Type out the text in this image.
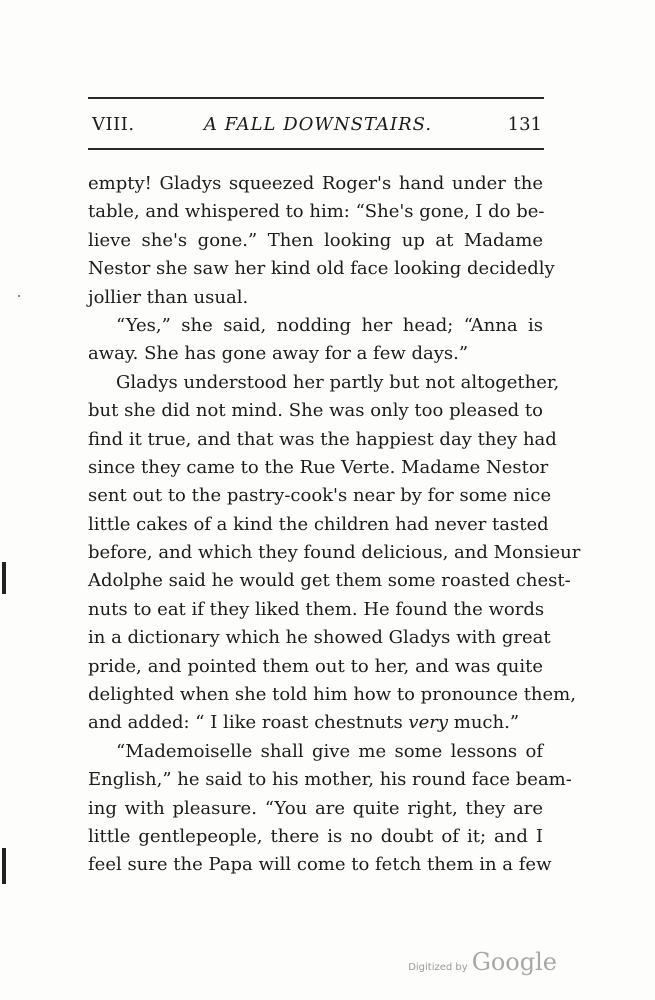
VIII.	A FALL DOWNSTAIRS.	131
empty! Gladys squeezed Roger's hand under the
table, and whispered to him: “She's gone, I do be-
lieve she's gone.” Then looking up at Madame
Nestor she saw her kind old face looking decidedly
jollier than usual.
“Yes,” she said, nodding her head; “Anna is
away. She has gone away for a few days.”
Gladys understood her partly but not altogether,
but she did not mind. She was only too pleased to
find it true, and that was the happiest day they had
since they came to the Rue Verte. Madame Nestor
sent out to the pastry-cook's near by for some nice
little cakes of a kind the children had never tasted
before, and which they found delicious, and Monsieur
Adolphe said he would get them some roasted chest-
nuts to eat if they liked them. He found the words
in a dictionary which he showed Gladys with great
pride, and pointed them out to her, and was quite
delighted when she told him how to pronounce them,
and added: “ I like roast chestnuts very much.”
“Mademoiselle shall give me some lessons of
English,” he said to his mother, his round face beam-
ing with pleasure. “You are quite right, they are
little gentlepeople, there is no doubt of it; and I
feel sure the Papa will come to fetch them in a few
Digitized by Google
